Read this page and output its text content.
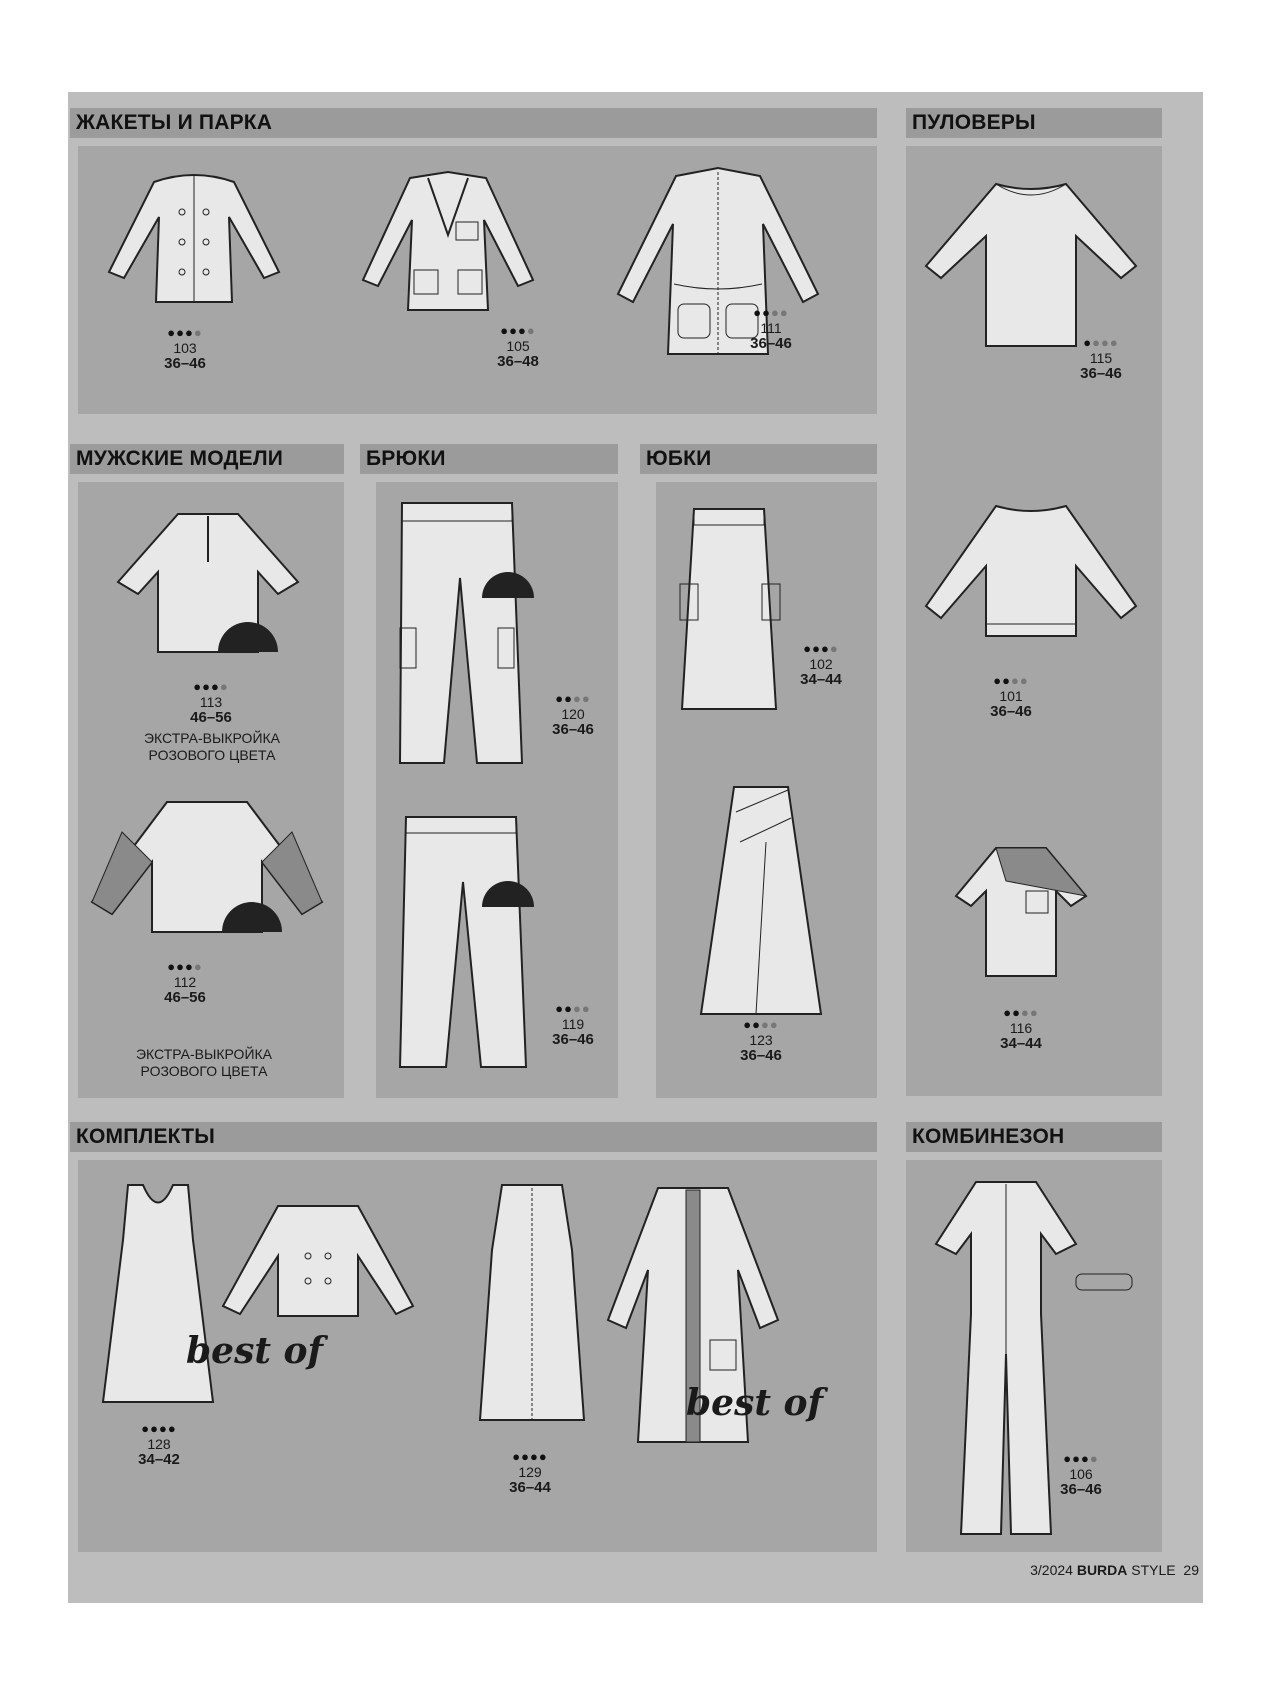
ЖАКЕТЫ И ПАРКА
●●●●
103
36–46
●●●●
105
36–48
●●●●
111
36–46
ПУЛОВЕРЫ
●●●●
115
36–46
●●●●
101
36–46
●●●●
116
34–44
МУЖСКИЕ МОДЕЛИ
●●●●
113
46–56
ЭКСТРА-ВЫКРОЙКА
РОЗОВОГО ЦВЕТА
●●●●
112
46–56
ЭКСТРА-ВЫКРОЙКА
РОЗОВОГО ЦВЕТА
БРЮКИ
●●●●
120
36–46
●●●●
119
36–46
ЮБКИ
●●●●
102
34–44
●●●●
123
36–46
КОМПЛЕКТЫ
best of
●●●●
128
34–42
best of
●●●●
129
36–44
КОМБИНЕЗОН
●●●●
106
36–46
3/2024 BURDA STYLE 29
